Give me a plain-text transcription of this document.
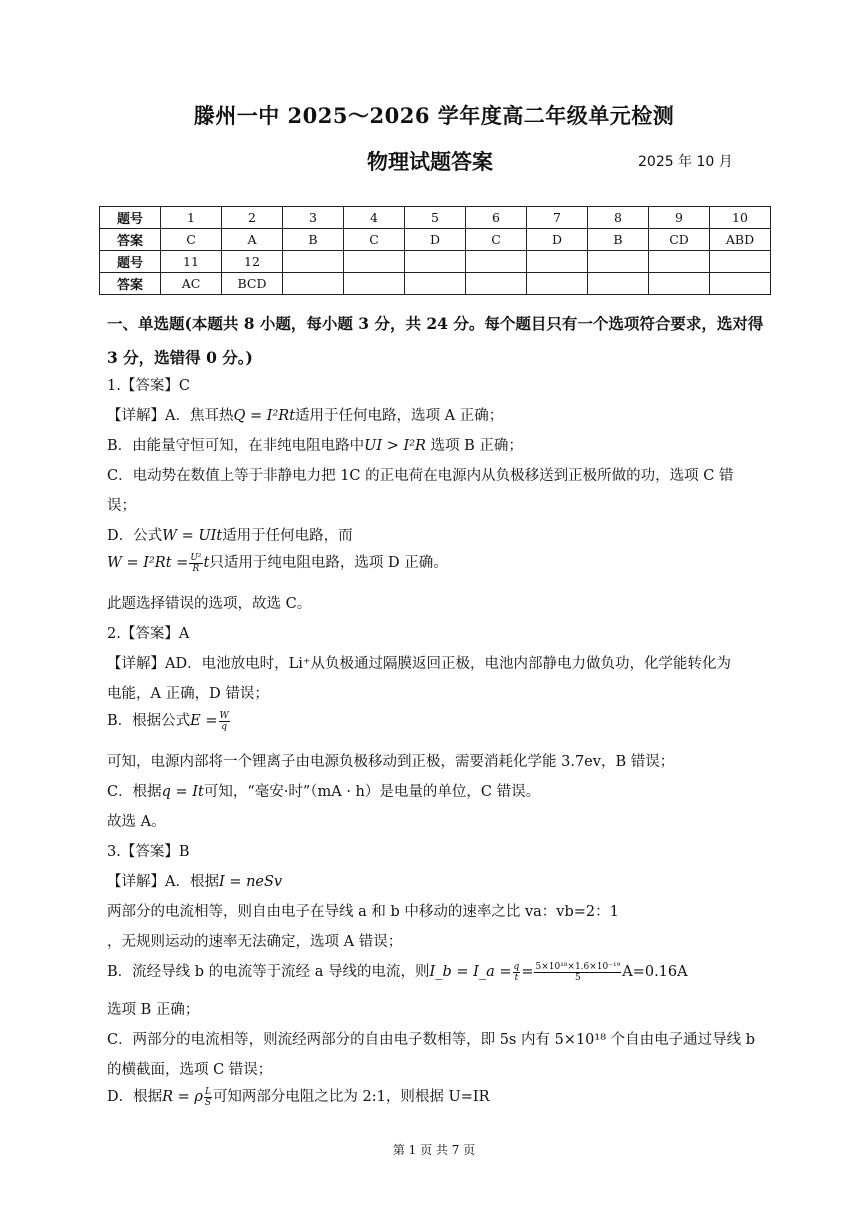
滕州一中 2025～2026 学年度高二年级单元检测
物理试题答案	2025 年 10 月
题号	1	2	3	4	5	6	7	8	9	10
答案	C	A	B	C	D	C	D	B	CD	ABD
题号	11	12								
答案	AC	BCD								
一、单选题(本题共 8 小题，每小题 3 分，共 24 分。每个题目只有一个选项符合要求，选对得 3 分，选错得 0 分。)
1.【答案】C
【详解】A．焦耳热Q = I²Rt适用于任何电路，选项 A 正确；
B．由能量守恒可知，在非纯电阻电路中UI > I²R 选项 B 正确；
C．电动势在数值上等于非静电力把 1C 的正电荷在电源内从负极移送到正极所做的功，选项 C 错
误；
D．公式W = UIt适用于任何电路，而
$W = I^2Rt = \frac{\text{U²}}{R}$ t只适用于纯电阻电路，选项 D 正确。
此题选择错误的选项，故选 C。
2.【答案】A
【详解】AD．电池放电时，Li⁺从负极通过隔膜返回正极，电池内部静电力做负功，化学能转化为
电能，A 正确，D 错误；
B．根据公式$E = \frac{W}{q}$
可知，电源内部将一个锂离子由电源负极移动到正极，需要消耗化学能 3.7ev，B 错误；
C．根据q = It可知，“毫安·时”（mA · h）是电量的单位，C 错误。
故选 A。
3.【答案】B
【详解】A．根据I = neSv
两部分的电流相等，则自由电子在导线 a 和 b 中移动的速率之比 va：vb=2：1
，无规则运动的速率无法确定，选项 A 错误；
B．流经导线 b 的电流等于流经 a 导线的电流，则I_b = I_a = $\frac{q}{t} = \frac{\text{5×10¹⁸×1.6×10⁻¹⁹}}{5} A=0.16A$
选项 B 正确；
C．两部分的电流相等，则流经两部分的自由电子数相等，即 5s 内有 5×10¹⁸ 个自由电子通过导线 b
的横截面，选项 C 错误；
D．根据R = ρ $\frac{L}{S}$ 可知两部分电阻之比为 2:1，则根据 U=IR
第 1 页 共 7 页
